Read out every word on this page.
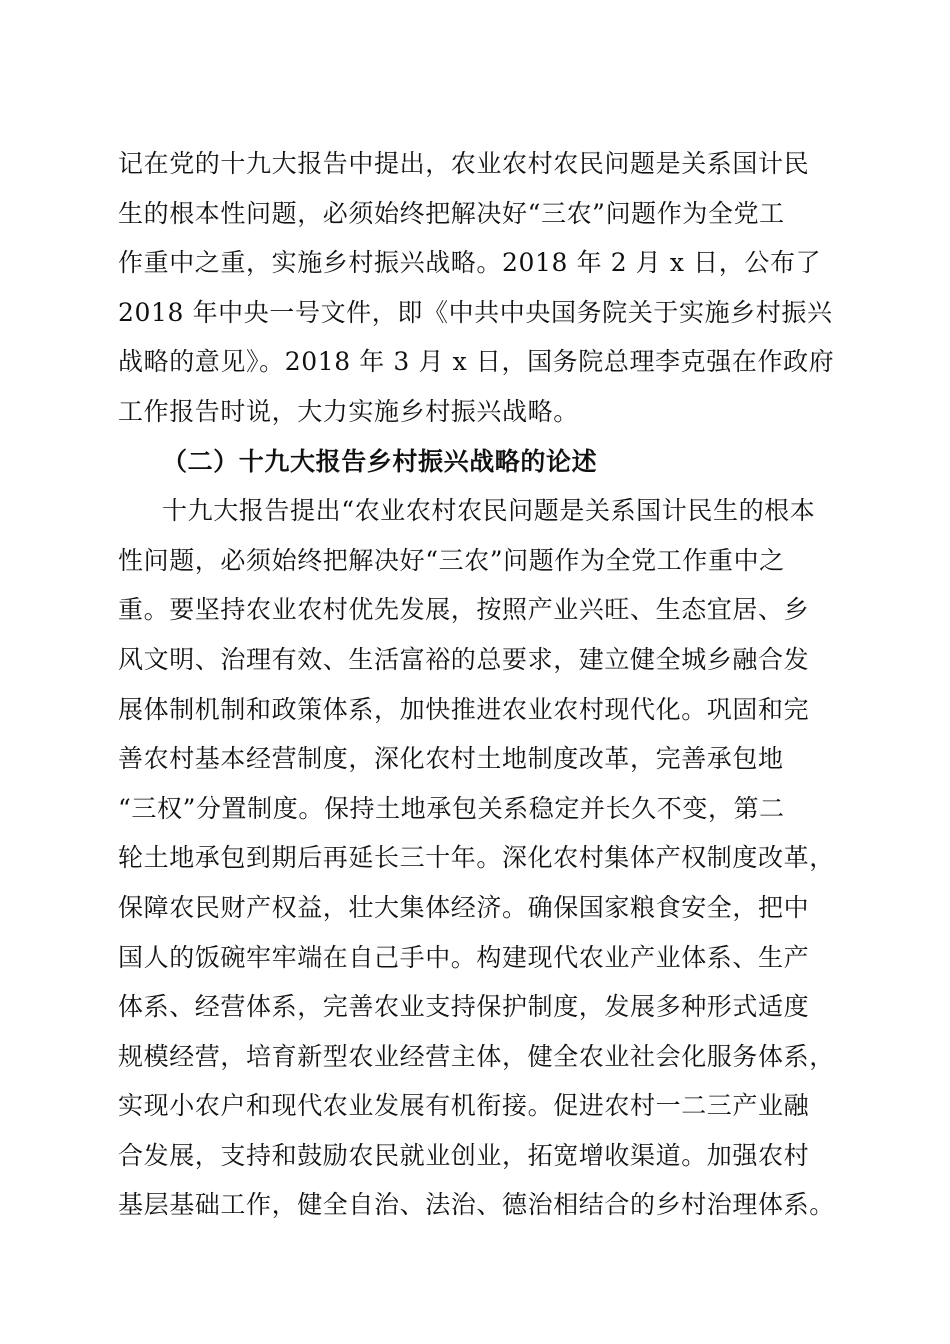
记在党的十九大报告中提出，农业农村农民问题是关系国计民
生的根本性问题，必须始终把解决好“三农”问题作为全党工
作重中之重，实施乡村振兴战略。2018 年 2 月 x 日，公布了
2018 年中央一号文件，即《中共中央国务院关于实施乡村振兴
战略的意见》。2018 年 3 月 x 日，国务院总理李克强在作政府
工作报告时说，大力实施乡村振兴战略。
（二）十九大报告乡村振兴战略的论述
十九大报告提出“农业农村农民问题是关系国计民生的根本
性问题，必须始终把解决好“三农”问题作为全党工作重中之
重。要坚持农业农村优先发展，按照产业兴旺、生态宜居、乡
风文明、治理有效、生活富裕的总要求，建立健全城乡融合发
展体制机制和政策体系，加快推进农业农村现代化。巩固和完
善农村基本经营制度，深化农村土地制度改革，完善承包地
“三权”分置制度。保持土地承包关系稳定并长久不变，第二
轮土地承包到期后再延长三十年。深化农村集体产权制度改革，
保障农民财产权益，壮大集体经济。确保国家粮食安全，把中
国人的饭碗牢牢端在自己手中。构建现代农业产业体系、生产
体系、经营体系，完善农业支持保护制度，发展多种形式适度
规模经营，培育新型农业经营主体，健全农业社会化服务体系，
实现小农户和现代农业发展有机衔接。促进农村一二三产业融
合发展，支持和鼓励农民就业创业，拓宽增收渠道。加强农村
基层基础工作，健全自治、法治、德治相结合的乡村治理体系。
